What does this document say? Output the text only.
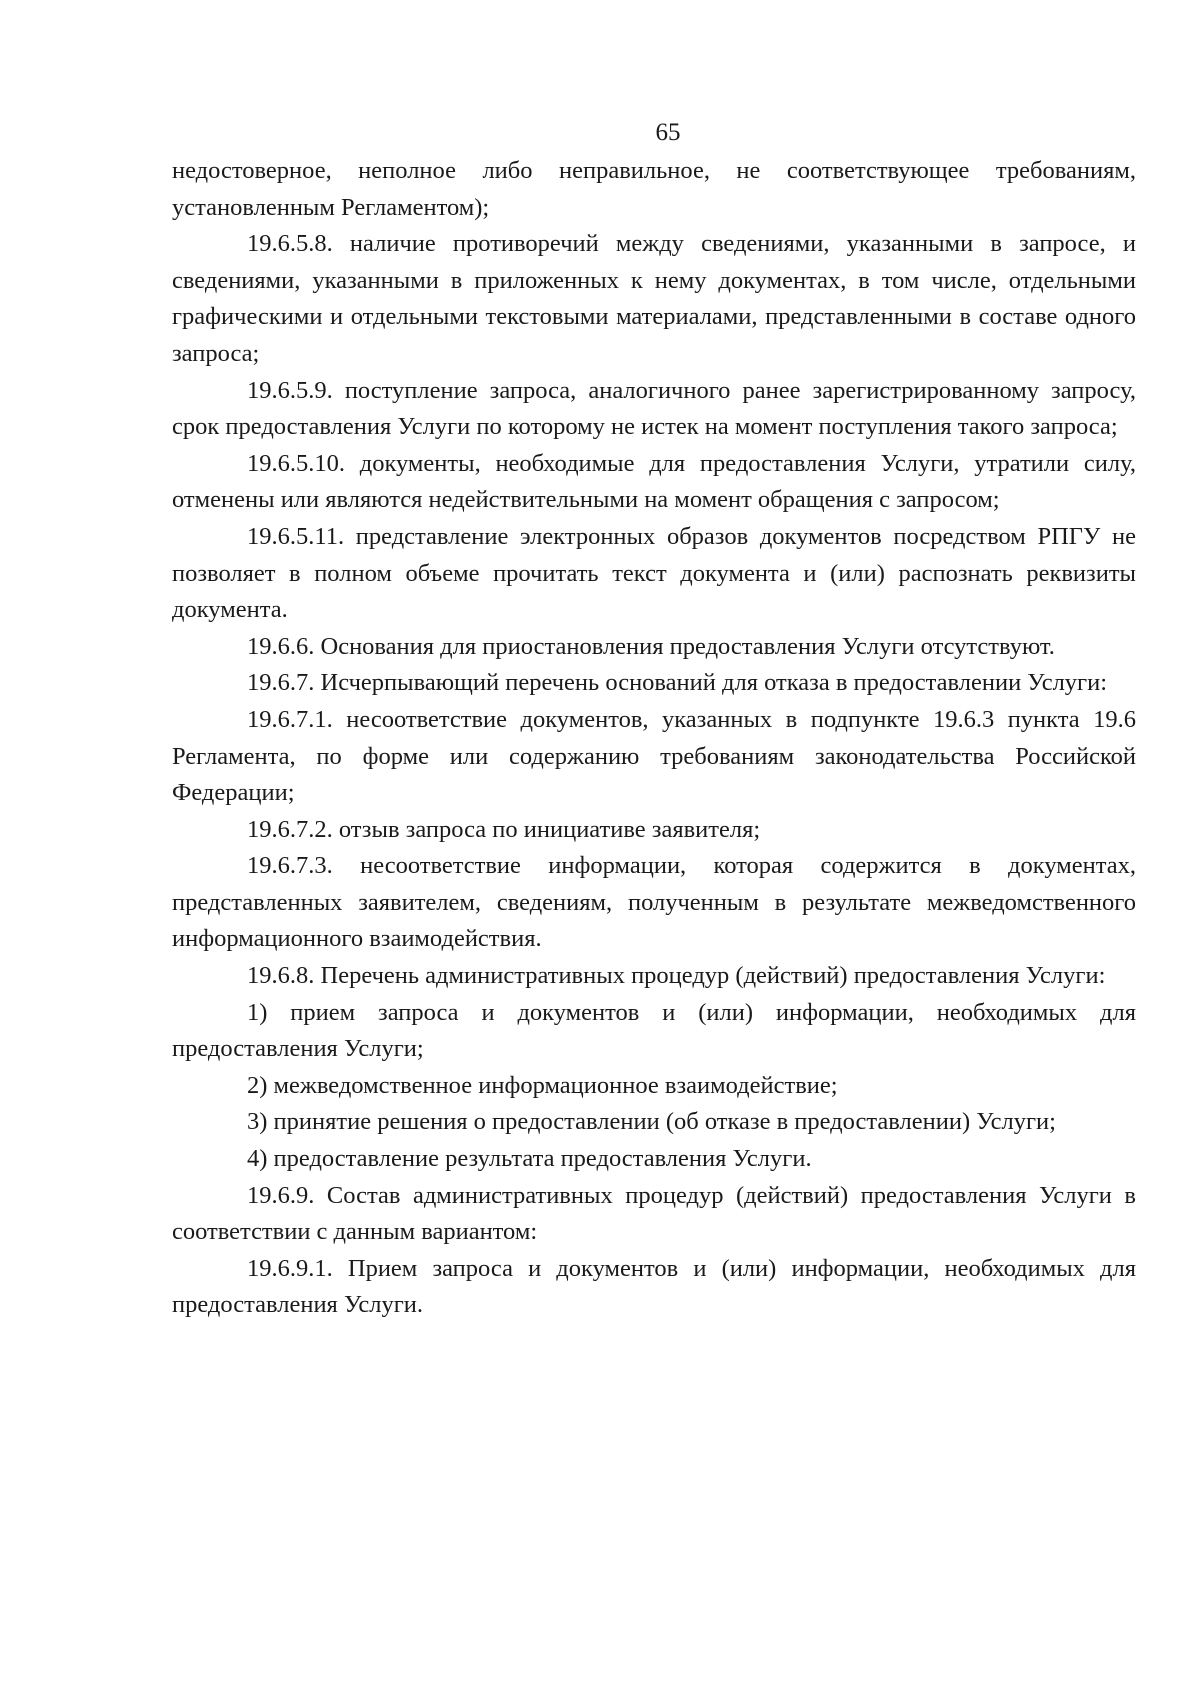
65

недостоверное, неполное либо неправильное, не соответствующее требованиям, установленным Регламентом);

19.6.5.8. наличие противоречий между сведениями, указанными в запросе, и сведениями, указанными в приложенных к нему документах, в том числе, отдельными графическими и отдельными текстовыми материалами, представленными в составе одного запроса;

19.6.5.9. поступление запроса, аналогичного ранее зарегистрированному запросу, срок предоставления Услуги по которому не истек на момент поступления такого запроса;

19.6.5.10. документы, необходимые для предоставления Услуги, утратили силу, отменены или являются недействительными на момент обращения с запросом;

19.6.5.11. представление электронных образов документов посредством РПГУ не позволяет в полном объеме прочитать текст документа и (или) распознать реквизиты документа.

19.6.6. Основания для приостановления предоставления Услуги отсутствуют.

19.6.7. Исчерпывающий перечень оснований для отказа в предоставлении Услуги:

19.6.7.1. несоответствие документов, указанных в подпункте 19.6.3 пункта 19.6 Регламента, по форме или содержанию требованиям законодательства Российской Федерации;

19.6.7.2. отзыв запроса по инициативе заявителя;

19.6.7.3. несоответствие информации, которая содержится в документах, представленных заявителем, сведениям, полученным в результате межведомственного информационного взаимодействия.

19.6.8. Перечень административных процедур (действий) предоставления Услуги:

1) прием запроса и документов и (или) информации, необходимых для предоставления Услуги;

2) межведомственное информационное взаимодействие;

3) принятие решения о предоставлении (об отказе в предоставлении) Услуги;

4) предоставление результата предоставления Услуги.

19.6.9. Состав административных процедур (действий) предоставления Услуги в соответствии с данным вариантом:

19.6.9.1. Прием запроса и документов и (или) информации, необходимых для предоставления Услуги.
